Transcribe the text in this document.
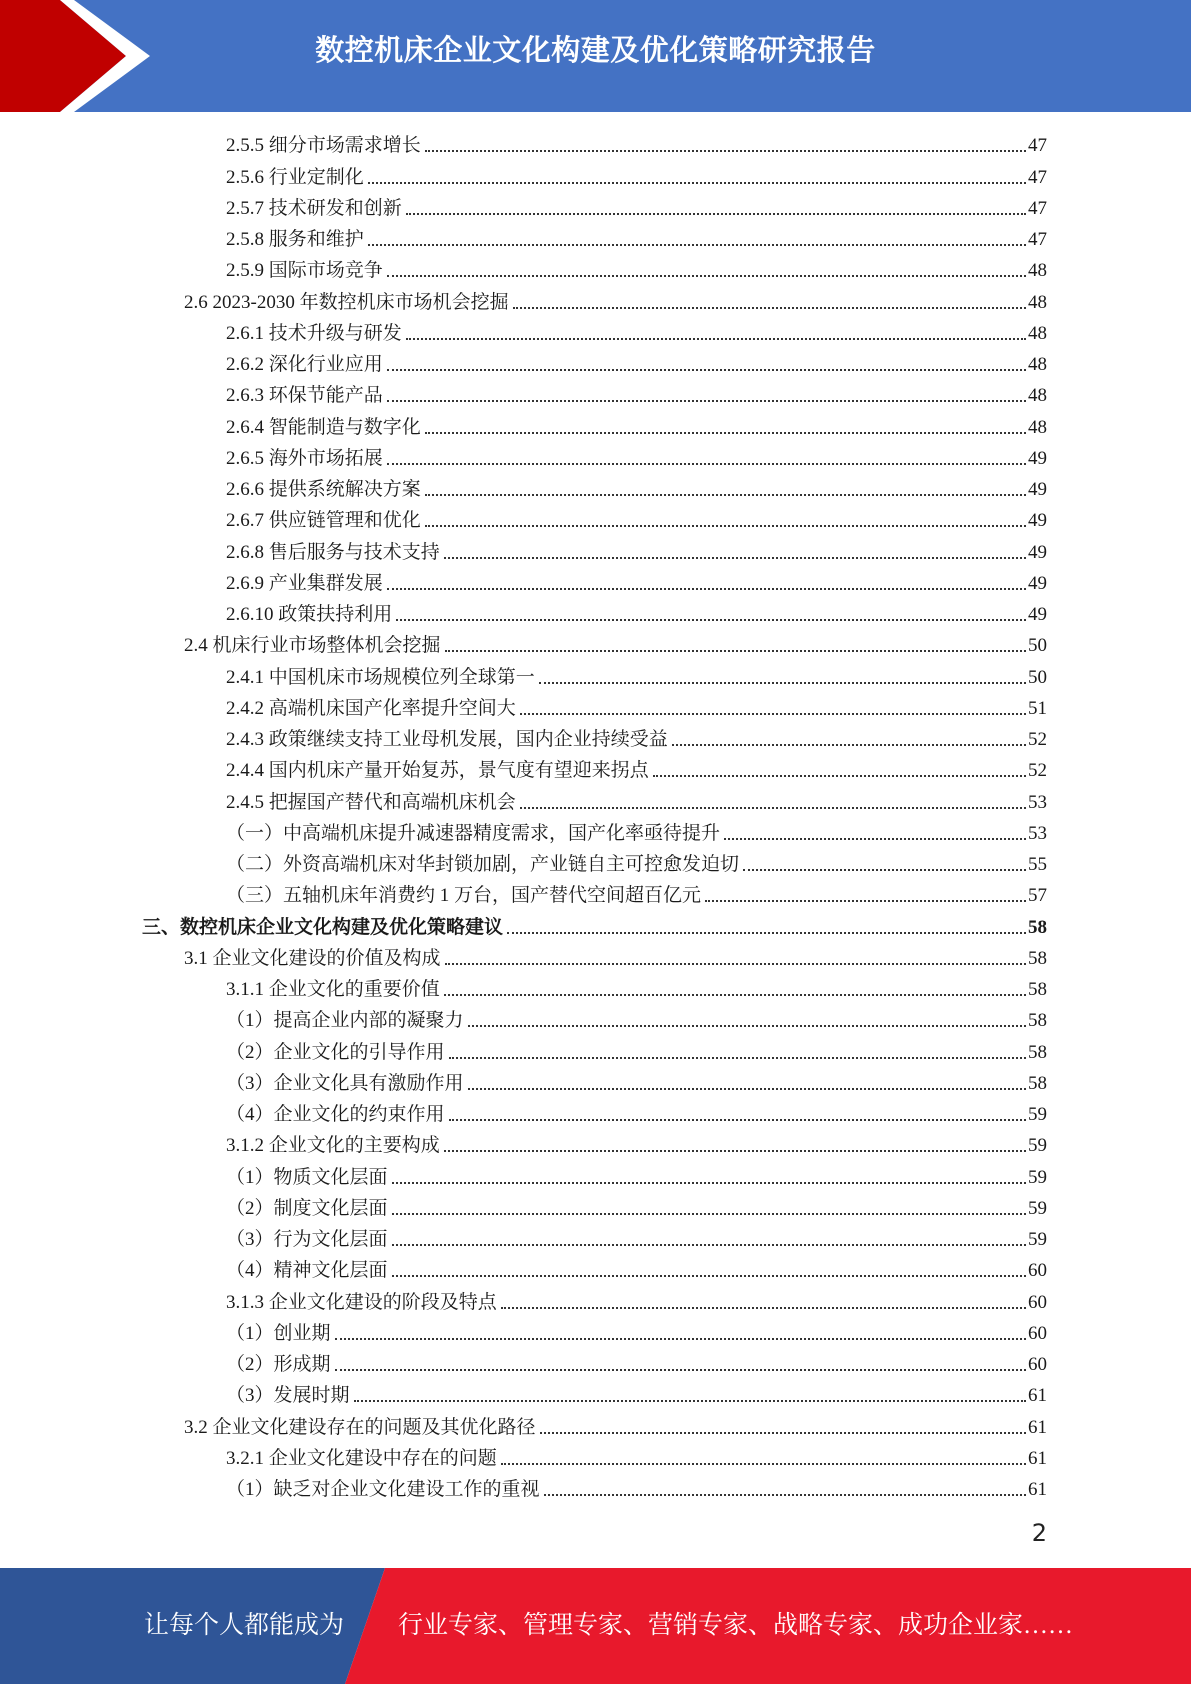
数控机床企业文化构建及优化策略研究报告
2.5.5 细分市场需求增长	47
2.5.6 行业定制化	47
2.5.7 技术研发和创新	47
2.5.8 服务和维护	47
2.5.9 国际市场竞争	48
2.6 2023-2030 年数控机床市场机会挖掘	48
2.6.1 技术升级与研发	48
2.6.2 深化行业应用	48
2.6.3 环保节能产品	48
2.6.4 智能制造与数字化	48
2.6.5 海外市场拓展	49
2.6.6 提供系统解决方案	49
2.6.7 供应链管理和优化	49
2.6.8 售后服务与技术支持	49
2.6.9 产业集群发展	49
2.6.10 政策扶持利用	49
2.4 机床行业市场整体机会挖掘	50
2.4.1 中国机床市场规模位列全球第一	50
2.4.2 高端机床国产化率提升空间大	51
2.4.3 政策继续支持工业母机发展，国内企业持续受益	52
2.4.4 国内机床产量开始复苏，景气度有望迎来拐点	52
2.4.5 把握国产替代和高端机床机会	53
（一）中高端机床提升减速器精度需求，国产化率亟待提升	53
（二）外资高端机床对华封锁加剧，产业链自主可控愈发迫切	55
（三）五轴机床年消费约 1 万台，国产替代空间超百亿元	57
三、数控机床企业文化构建及优化策略建议	58
3.1 企业文化建设的价值及构成	58
3.1.1 企业文化的重要价值	58
（1）提高企业内部的凝聚力	58
（2）企业文化的引导作用	58
（3）企业文化具有激励作用	58
（4）企业文化的约束作用	59
3.1.2 企业文化的主要构成	59
（1）物质文化层面	59
（2）制度文化层面	59
（3）行为文化层面	59
（4）精神文化层面	60
3.1.3 企业文化建设的阶段及特点	60
（1）创业期	60
（2）形成期	60
（3）发展时期	61
3.2 企业文化建设存在的问题及其优化路径	61
3.2.1 企业文化建设中存在的问题	61
（1）缺乏对企业文化建设工作的重视	61
2
让每个人都能成为 行业专家、管理专家、营销专家、战略专家、成功企业家……
